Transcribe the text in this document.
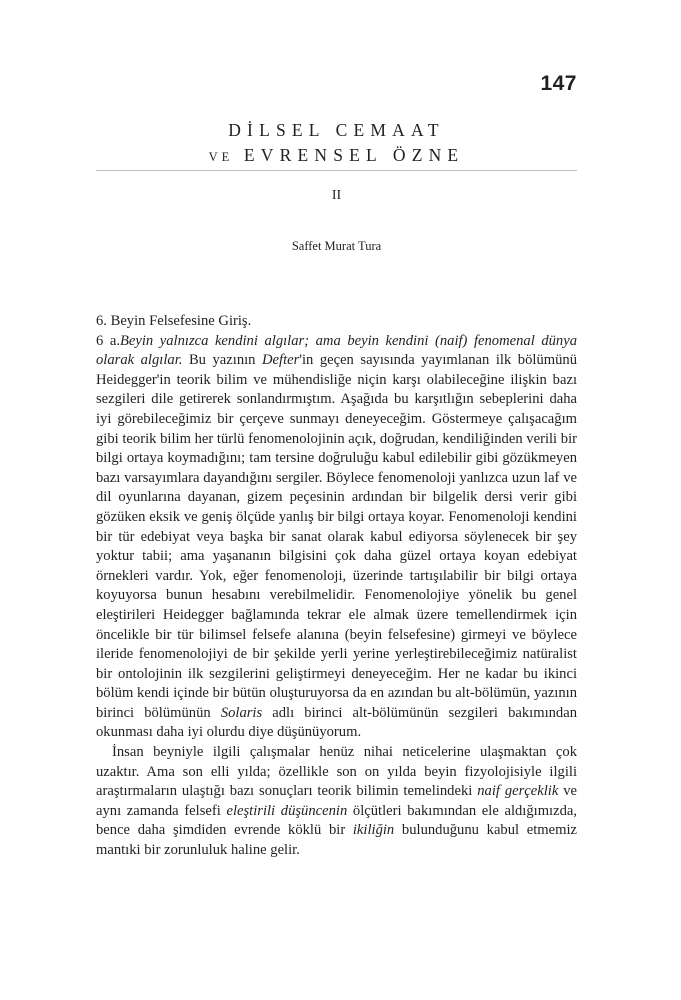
147
DİLSEL CEMAAT
VE EVRENSEL ÖZNE
II
Saffet Murat Tura

6. Beyin Felsefesine Giriş.

6 a.Beyin yalnızca kendini algılar; ama beyin kendini (naif) fenomenal dünya olarak algılar. Bu yazının Defter'in geçen sayısında yayımlanan ilk bölümünü Heidegger'in teorik bilim ve mühendisliğe niçin karşı olabileceğine ilişkin bazı sezgileri dile getirerek sonlandırmıştım. Aşağıda bu karşıtlığın sebeplerini daha iyi görebileceğimiz bir çerçeve sunmayı deneyeceğim. Göstermeye çalışacağım gibi teorik bilim her türlü fenomenolojinin açık, doğrudan, kendiliğinden verili bir bilgi ortaya koymadığını; tam tersine doğruluğu kabul edilebilir gibi gözükmeyen bazı varsayımlara dayandığını sergiler. Böylece fenomenoloji yanlızca uzun laf ve dil oyunlarına dayanan, gizem peçesinin ardından bir bilgelik dersi verir gibi gözüken eksik ve geniş ölçüde yanlış bir bilgi ortaya koyar. Fenomenoloji kendini bir tür edebiyat veya başka bir sanat olarak kabul ediyorsa söylenecek bir şey yoktur tabii; ama yaşananın bilgisini çok daha güzel ortaya koyan edebiyat örnekleri vardır. Yok, eğer fenomenoloji, üzerinde tartışılabilir bir bilgi ortaya koyuyorsa bunun hesabını verebilmelidir. Fenomenolojiye yönelik bu genel eleştirileri Heidegger bağlamında tekrar ele almak üzere temellendirmek için öncelikle bir tür bilimsel felsefe alanına (beyin felsefesine) girmeyi ve böylece ileride fenomenolojiyi de bir şekilde yerli yerine yerleştirebileceğimiz natüralist bir ontolojinin ilk sezgilerini geliştirmeyi deneyeceğim. Her ne kadar bu ikinci bölüm kendi içinde bir bütün oluşturuyorsa da en azından bu alt-bölümün, yazının birinci bölümünün Solaris adlı birinci alt-bölümünün sezgileri bakımından okunması daha iyi olurdu diye düşünüyorum.

İnsan beyniyle ilgili çalışmalar henüz nihai neticelerine ulaşmaktan çok uzaktır. Ama son elli yılda; özellikle son on yılda beyin fizyolojisiyle ilgili araştırmaların ulaştığı bazı sonuçları teorik bilimin temelindeki naif gerçeklik ve aynı zamanda felsefi eleştirili düşüncenin ölçütleri bakımından ele aldığımızda, bence daha şimdiden evrende köklü bir ikiliğin bulunduğunu kabul etmemiz mantıki bir zorunluluk haline gelir.
